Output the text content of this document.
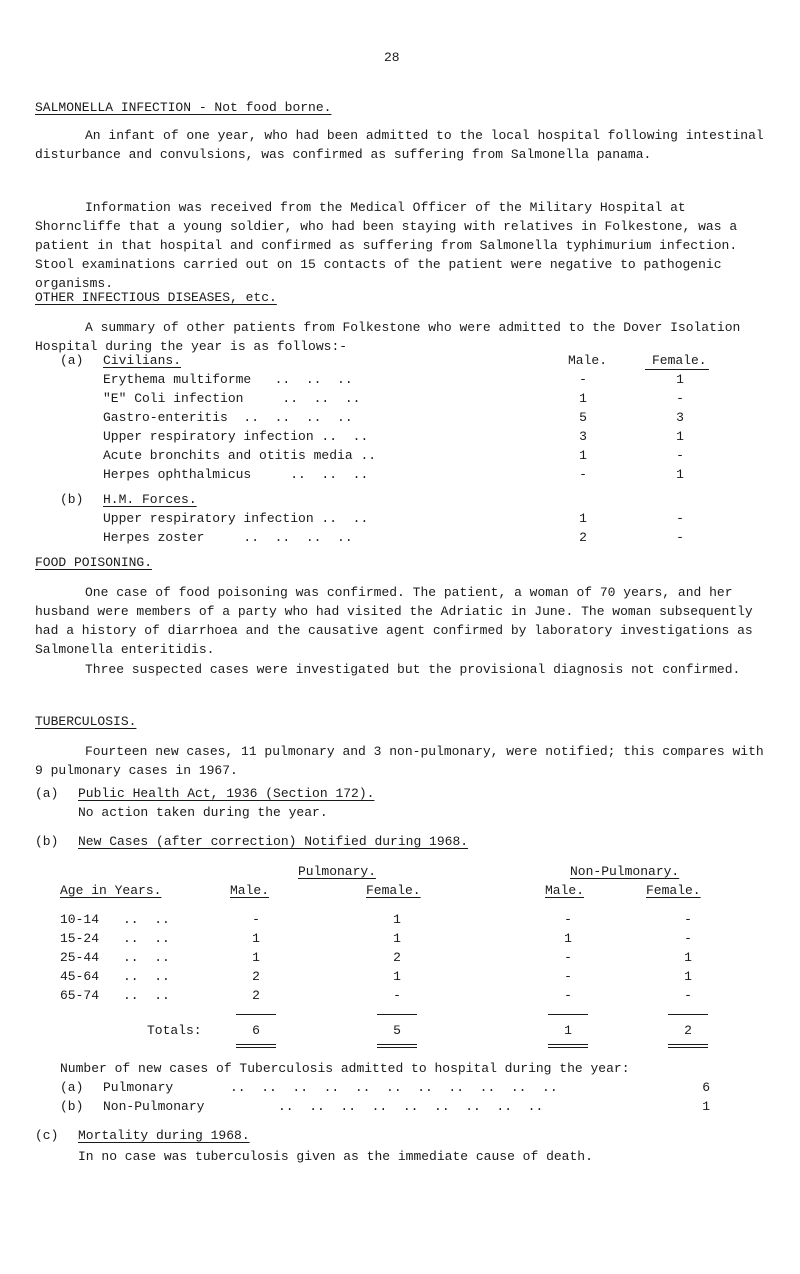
28
SALMONELLA INFECTION - Not food borne.
An infant of one year, who had been admitted to the local hospital following intestinal disturbance and convulsions, was confirmed as suffering from Salmonella panama.
Information was received from the Medical Officer of the Military Hospital at Shorncliffe that a young soldier, who had been staying with relatives in Folkestone, was a patient in that hospital and confirmed as suffering from Salmonella typhimurium infection. Stool examinations carried out on 15 contacts of the patient were negative to pathogenic organisms.
OTHER INFECTIOUS DISEASES, etc.
A summary of other patients from Folkestone who were admitted to the Dover Isolation Hospital during the year is as follows:-
Male.	Female.
(a) Civilians.
Erythema multiforme   ..  ..  ..	-	1
"E" Coli infection     ..  ..  ..	1	-
Gastro-enteritis  ..  ..  ..  ..	5	3
Upper respiratory infection ..  ..	3	1
Acute bronchits and otitis media ..	1	-
Herpes ophthalmicus     ..  ..  ..	-	1
(b) H.M. Forces.
Upper respiratory infection ..  ..	1	-
Herpes zoster     ..  ..  ..  ..	2	-
FOOD POISONING.
One case of food poisoning was confirmed. The patient, a woman of 70 years, and her husband were members of a party who had visited the Adriatic in June. The woman subsequently had a history of diarrhoea and the causative agent confirmed by laboratory investigations as Salmonella enteritidis.
Three suspected cases were investigated but the provisional diagnosis not confirmed.
TUBERCULOSIS.
Fourteen new cases, 11 pulmonary and 3 non-pulmonary, were notified; this compares with 9 pulmonary cases in 1967.
(a) Public Health Act, 1936 (Section 172).
No action taken during the year.
(b) New Cases (after correction) Notified during 1968.
Pulmonary.	Non-Pulmonary.
Age in Years.	Male.	Female.	Male.	Female.
10-14 ..  ..	-	1	-	-
15-24 ..  ..	1	1	1	-
25-44 ..  ..	1	2	-	1
45-64 ..  ..	2	1	-	1
65-74 ..  ..	2	-	-	-
Totals:	6	5	1	2
Number of new cases of Tuberculosis admitted to hospital during the year:
(a) Pulmonary	..  ..  ..  ..  ..  ..  ..  ..  ..  ..  ..	6
(b) Non-Pulmonary	..  ..  ..  ..  ..  ..  ..  ..  ..	1
(c) Mortality during 1968.
In no case was tuberculosis given as the immediate cause of death.
